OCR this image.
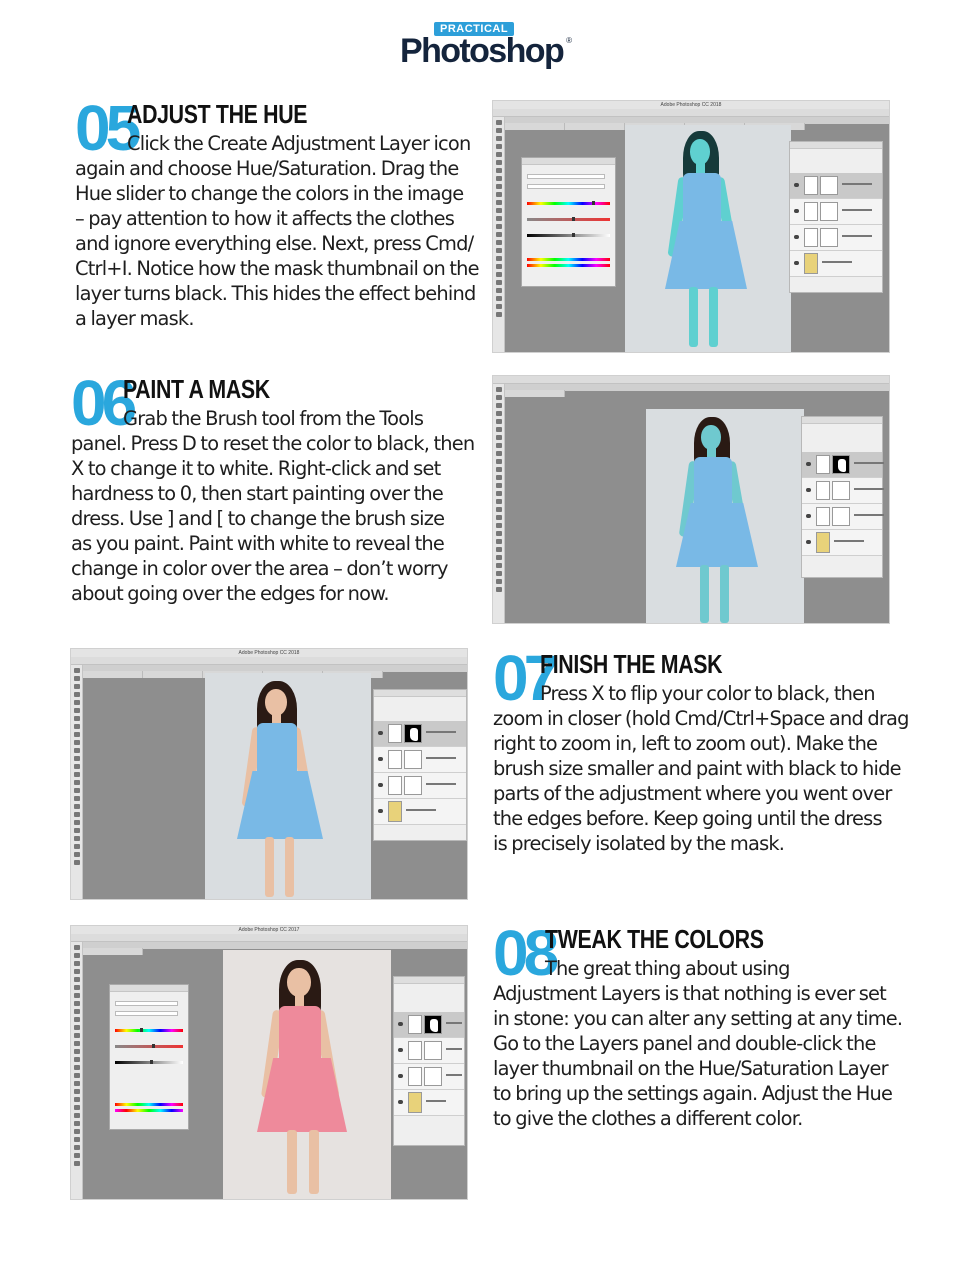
PRACTICAL
Photoshop ®
05
ADJUST THE HUE
Click the Create Adjustment Layer icon
again and choose Hue/Saturation. Drag the
Hue slider to change the colors in the image
– pay attention to how it affects the clothes
and ignore everything else. Next, press Cmd/
Ctrl+I. Notice how the mask thumbnail on the
layer turns black. This hides the effect behind
a layer mask.
06
PAINT A MASK
Grab the Brush tool from the Tools
panel. Press D to reset the color to black, then
X to change it to white. Right-click and set
hardness to 0, then start painting over the
dress. Use ] and [ to change the brush size
as you paint. Paint with white to reveal the
change in color over the area – don’t worry
about going over the edges for now.
07
FINISH THE MASK
Press X to flip your color to black, then
zoom in closer (hold Cmd/Ctrl+Space and drag
right to zoom in, left to zoom out). Make the
brush size smaller and paint with black to hide
parts of the adjustment where you went over
the edges before. Keep going until the dress
is precisely isolated by the mask.
08
TWEAK THE COLORS
The great thing about using
Adjustment Layers is that nothing is ever set
in stone: you can alter any setting at any time.
Go to the Layers panel and double-click the
layer thumbnail on the Hue/Saturation Layer
to bring up the settings again. Adjust the Hue
to give the clothes a different color.
Adobe Photoshop CC 2018
Adobe Photoshop CC 2018
Adobe Photoshop CC 2017
